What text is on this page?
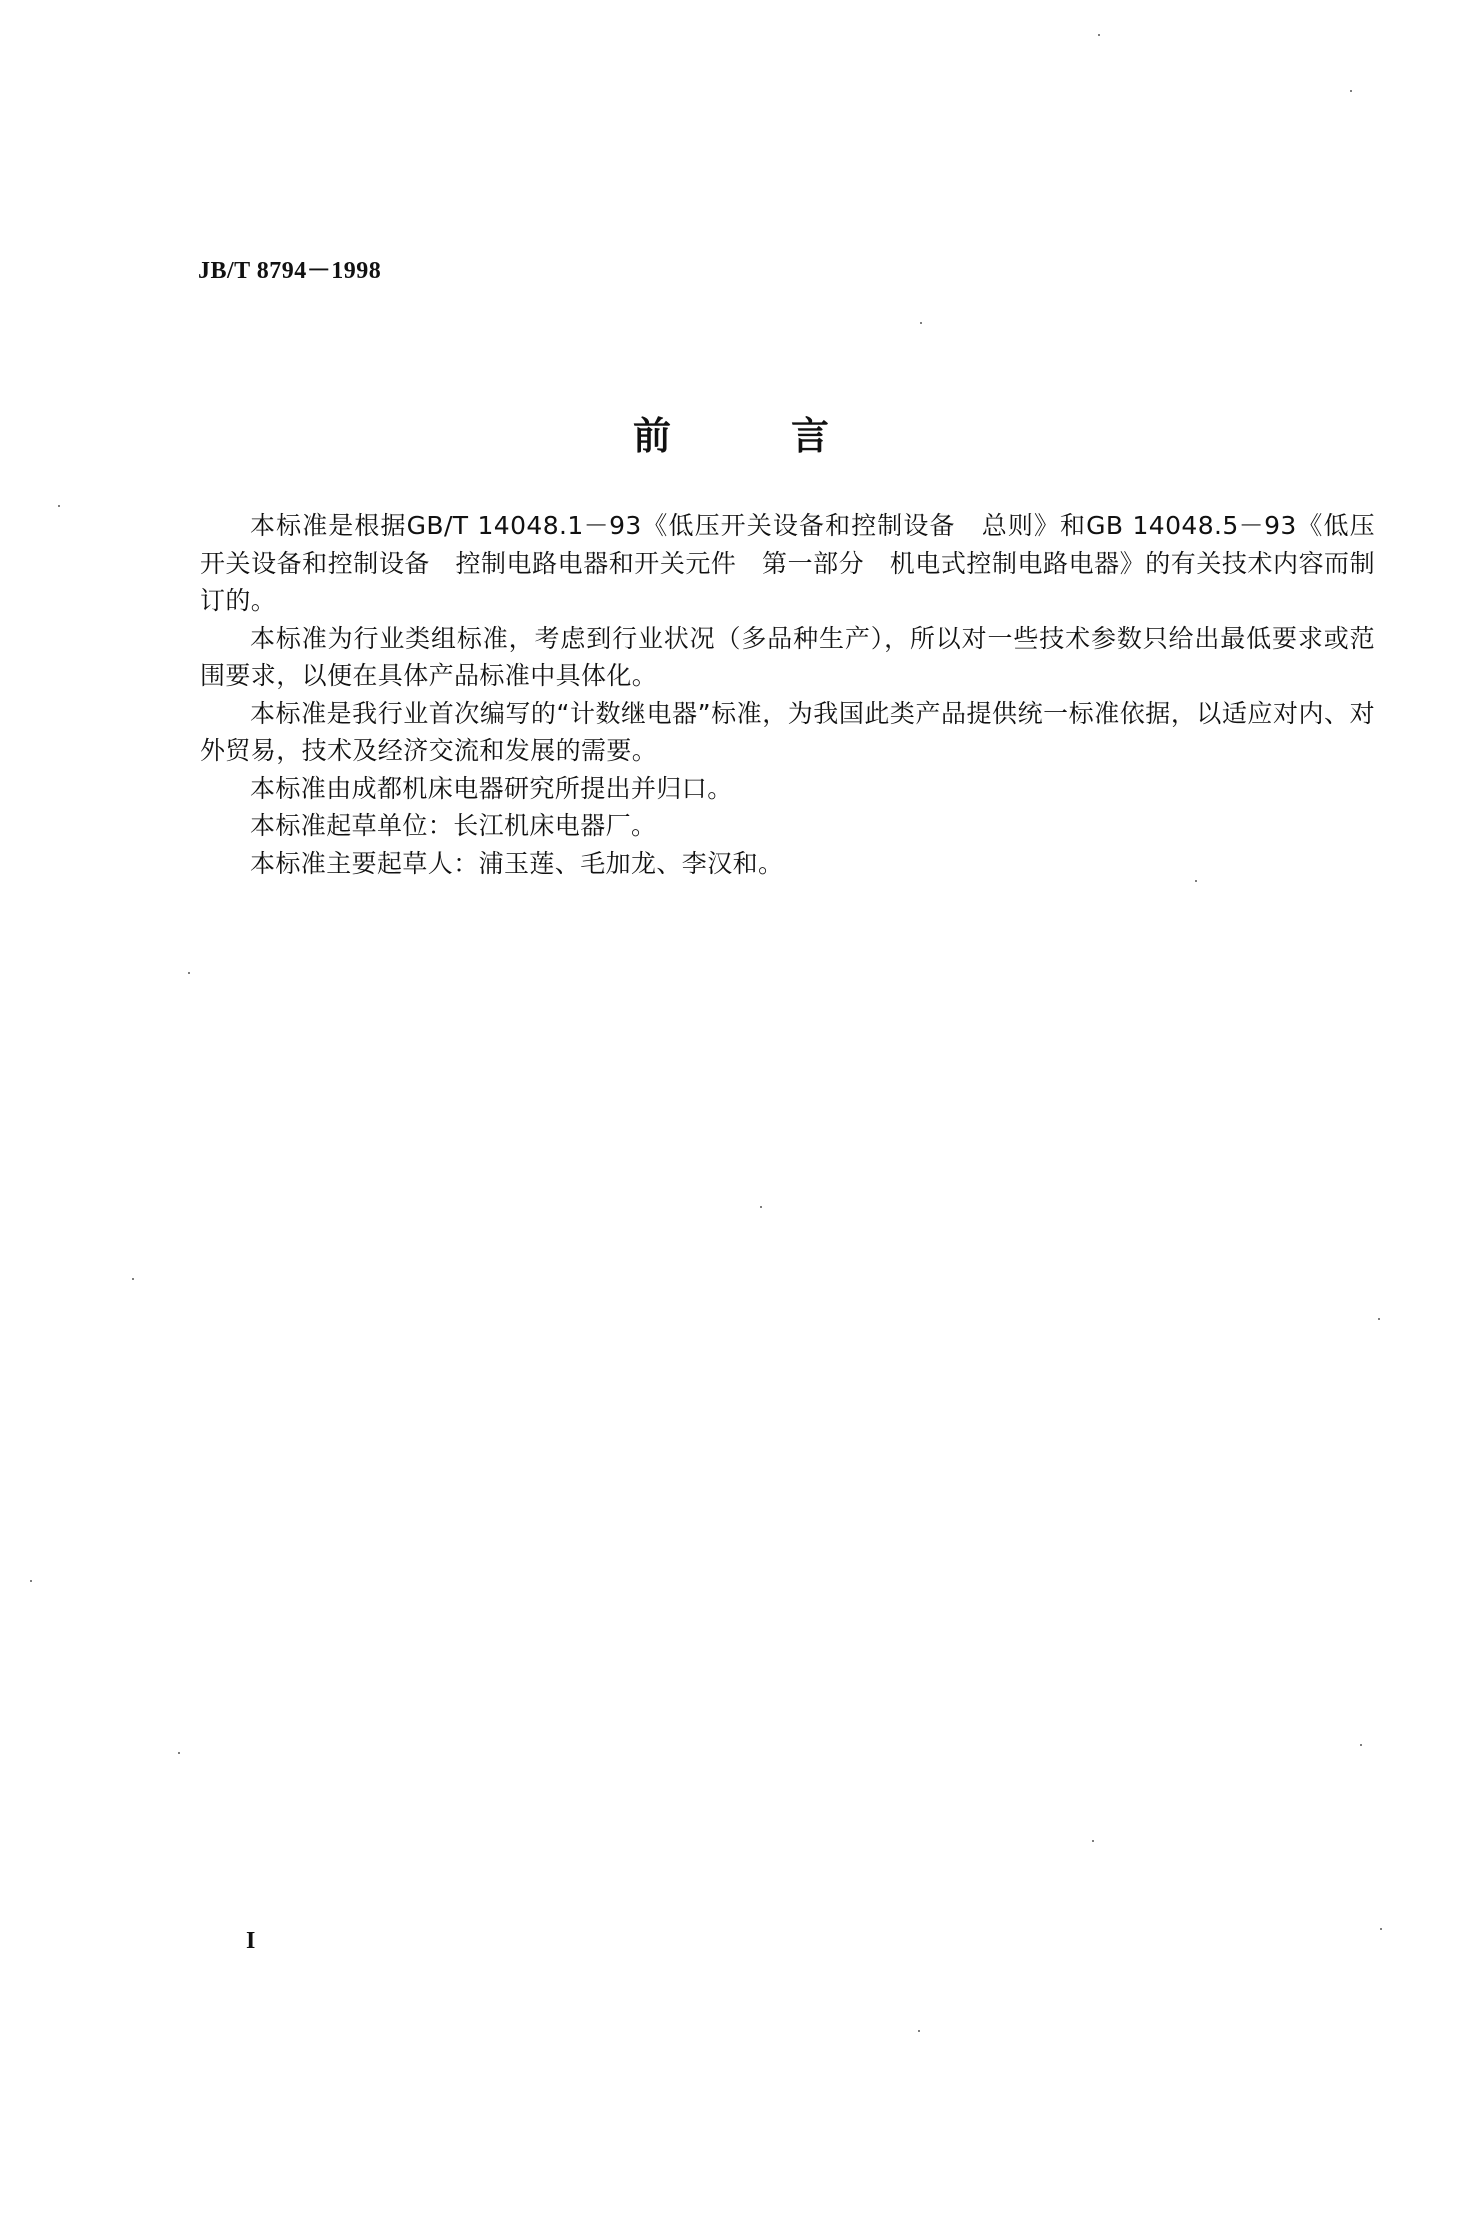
JB/T 8794－1998
前	言

本标准是根据GB/T 14048.1－93《低压开关设备和控制设备　总则》和GB 14048.5－93《低压开关设备和控制设备　控制电路电器和开关元件　第一部分　机电式控制电路电器》的有关技术内容而制订的。

本标准为行业类组标准，考虑到行业状况（多品种生产），所以对一些技术参数只给出最低要求或范围要求，以便在具体产品标准中具体化。

本标准是我行业首次编写的“计数继电器”标准，为我国此类产品提供统一标准依据，以适应对内、对外贸易，技术及经济交流和发展的需要。

本标准由成都机床电器研究所提出并归口。

本标准起草单位：长江机床电器厂。

本标准主要起草人：浦玉莲、毛加龙、李汉和。

I
